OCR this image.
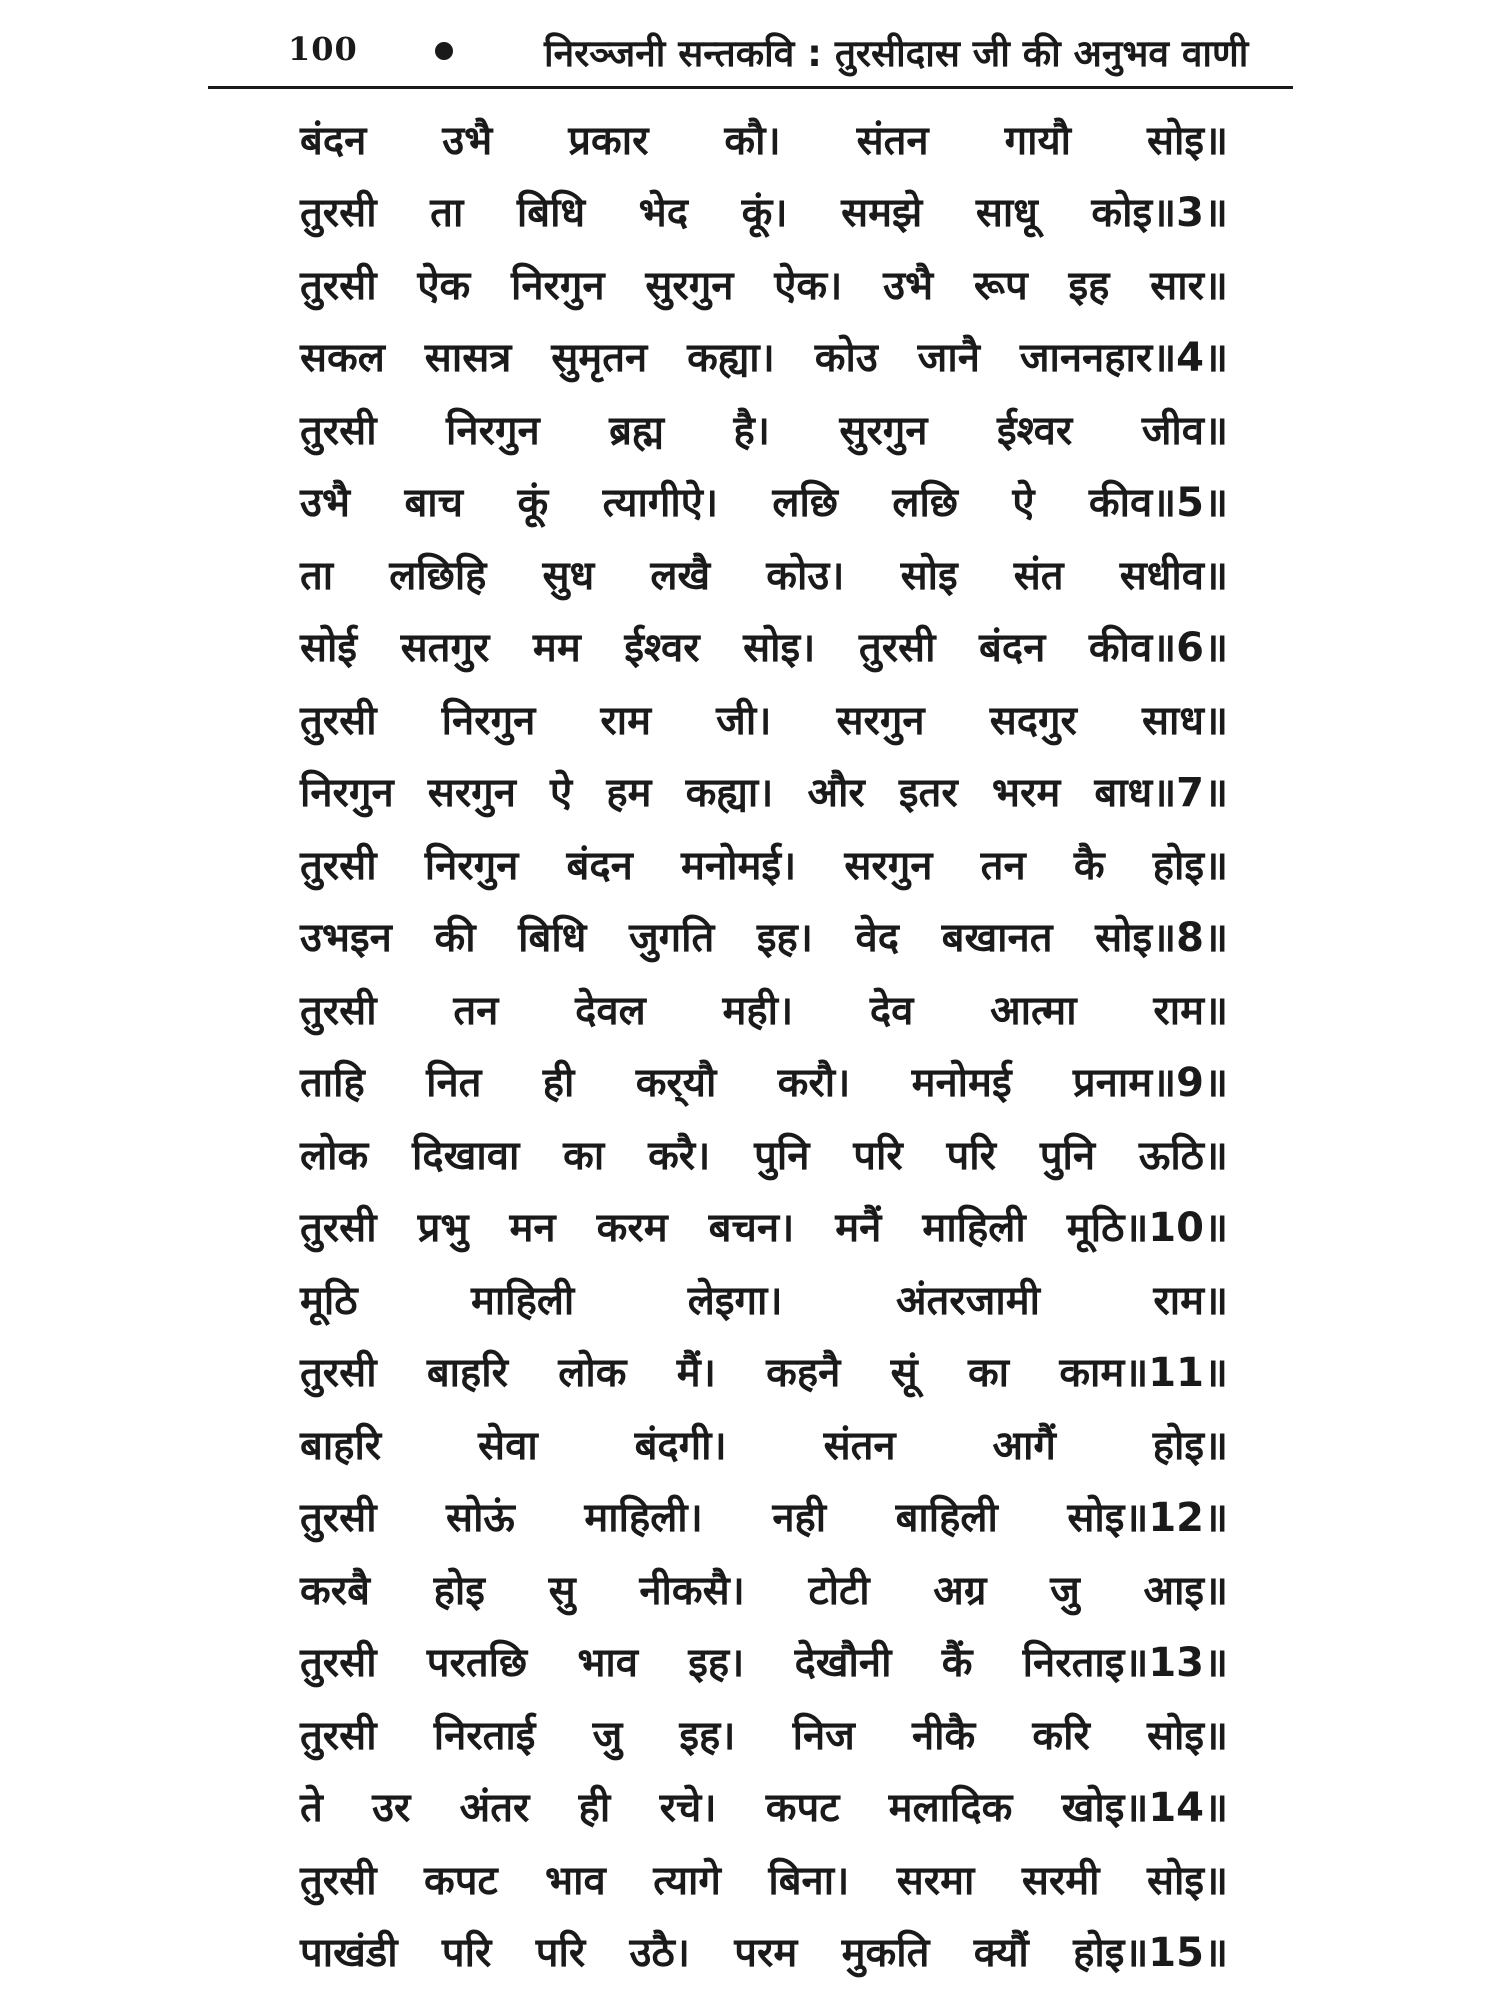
100	निरञ्जनी सन्तकवि : तुरसीदास जी की अनुभव वाणी
बंदन उभै प्रकार कौ। संतन गायौ सोइ॥
तुरसी ता बिधि भेद कूं। समझे साधू कोइ॥3॥
तुरसी ऐक निरगुन सुरगुन ऐक। उभै रूप इह सार॥
सकल सासत्र सुमृतन कह्या। कोउ जानै जाननहार॥4॥
तुरसी निरगुन ब्रह्म है। सुरगुन ईश्वर जीव॥
उभै बाच कूं त्यागीऐ। लछि लछि ऐ कीव॥5॥
ता लछिहि सुध लखै कोउ। सोइ संत सधीव॥
सोई सतगुर मम ईश्वर सोइ। तुरसी बंदन कीव॥6॥
तुरसी निरगुन राम जी। सरगुन सदगुर साध॥
निरगुन सरगुन ऐ हम कह्या। और इतर भरम बाध॥7॥
तुरसी निरगुन बंदन मनोमई। सरगुन तन कै होइ॥
उभइन की बिधि जुगति इह। वेद बखानत सोइ॥8॥
तुरसी तन देवल मही। देव आत्मा राम॥
ताहि नित ही कर्‌यौ करौ। मनोमई प्रनाम॥9॥
लोक दिखावा का करै। पुनि परि परि पुनि ऊठि॥
तुरसी प्रभु मन करम बचन। मनैं माहिली मूठि॥10॥
मूठि	माहिली	लेइगा।	अंतरजामी	राम॥
तुरसी बाहरि लोक मैं। कहनै सूं का काम॥11॥
बाहरि सेवा बंदगी। संतन आगैं होइ॥
तुरसी सोऊं माहिली। नही बाहिली सोइ॥12॥
करबै होइ सु नीकसै। टोटी अग्र जु आइ॥
तुरसी परतछि भाव इह। देखौनी कैं निरताइ॥13॥
तुरसी निरताई जु इह। निज नीकै करि सोइ॥
ते उर अंतर ही रचे। कपट मलादिक खोइ॥14॥
तुरसी कपट भाव त्यागे बिना। सरमा सरमी सोइ॥
पाखंडी परि परि उठै। परम मुकति क्यौं होइ॥15॥
